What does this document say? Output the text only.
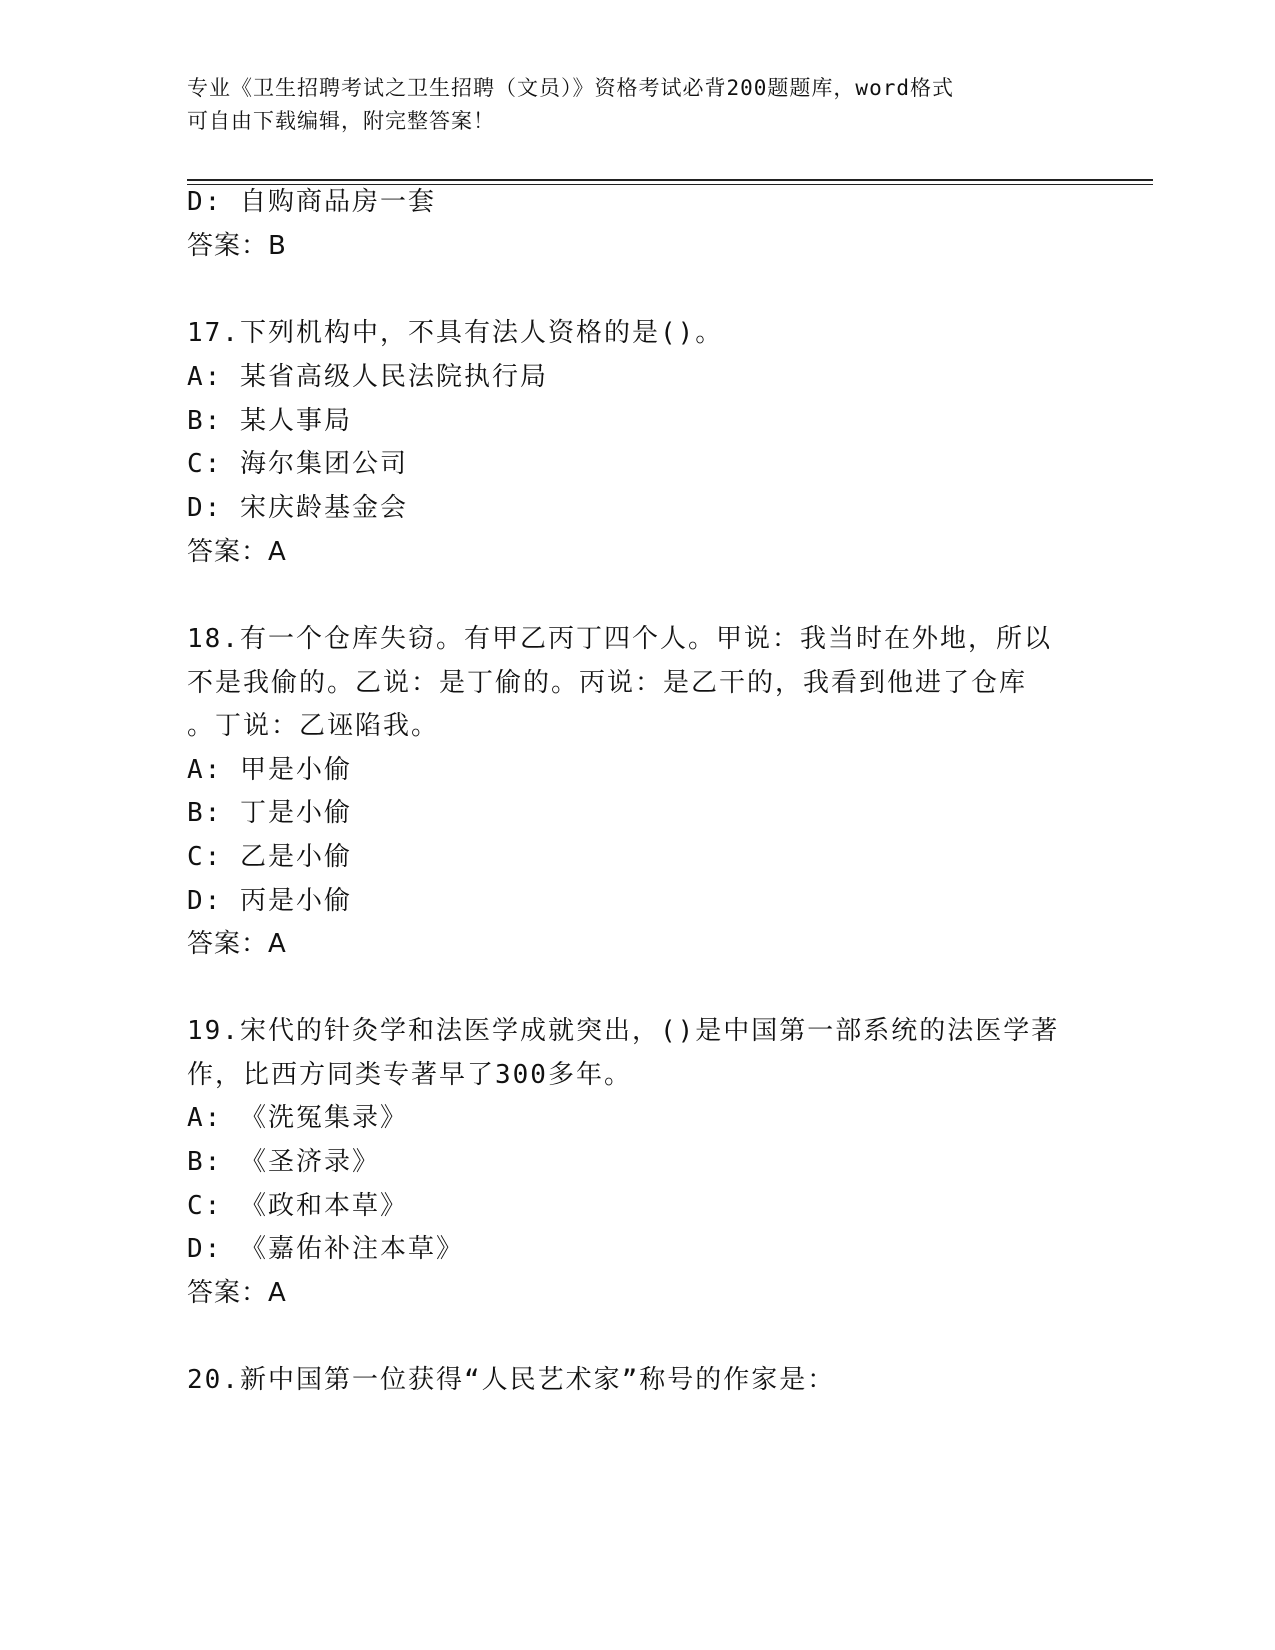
专业《卫生招聘考试之卫生招聘（文员）》资格考试必背200题题库，word格式
可自由下载编辑，附完整答案！
D: 自购商品房一套
答案：B
17.下列机构中，不具有法人资格的是()。
A: 某省高级人民法院执行局
B: 某人事局
C: 海尔集团公司
D: 宋庆龄基金会
答案：A
18.有一个仓库失窃。有甲乙丙丁四个人。甲说：我当时在外地，所以
不是我偷的。乙说：是丁偷的。丙说：是乙干的，我看到他进了仓库
。丁说：乙诬陷我。
A: 甲是小偷
B: 丁是小偷
C: 乙是小偷
D: 丙是小偷
答案：A
19.宋代的针灸学和法医学成就突出，()是中国第一部系统的法医学著
作，比西方同类专著早了300多年。
A: 《洗冤集录》
B: 《圣济录》
C: 《政和本草》
D: 《嘉佑补注本草》
答案：A
20.新中国第一位获得“人民艺术家”称号的作家是：
